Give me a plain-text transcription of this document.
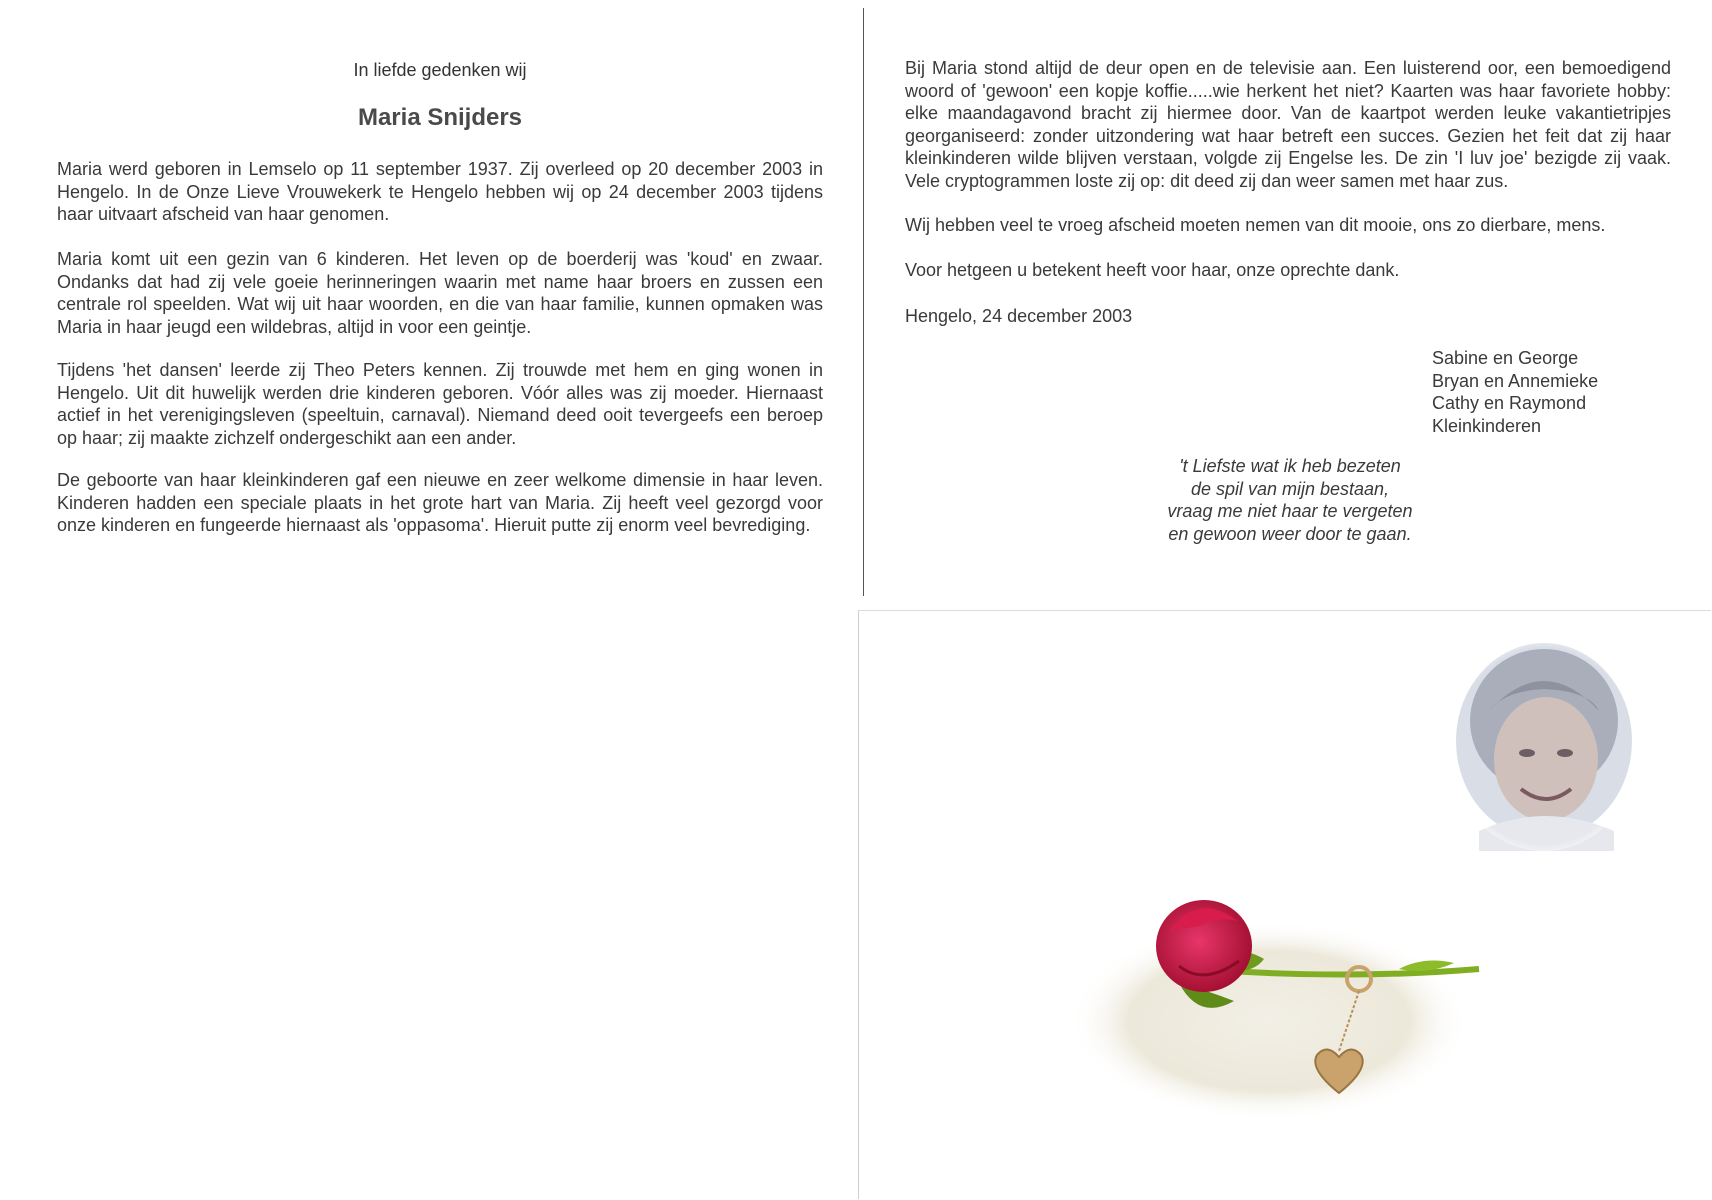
In liefde gedenken wij
Maria Snijders
Maria werd geboren in Lemselo op 11 september 1937. Zij overleed op 20 december 2003 in Hengelo. In de Onze Lieve Vrouwekerk te Hengelo hebben wij op 24 december 2003 tijdens haar uitvaart afscheid van haar genomen.
Maria komt uit een gezin van 6 kinderen. Het leven op de boerderij was 'koud' en zwaar. Ondanks dat had zij vele goeie herinneringen waarin met name haar broers en zussen een centrale rol speelden. Wat wij uit haar woorden, en die van haar familie, kunnen opmaken was Maria in haar jeugd een wildebras, altijd in voor een geintje.
Tijdens 'het dansen' leerde zij Theo Peters kennen. Zij trouwde met hem en ging wonen in Hengelo. Uit dit huwelijk werden drie kinderen geboren. Vóór alles was zij moeder. Hiernaast actief in het verenigingsleven (speeltuin, carnaval). Niemand deed ooit tevergeefs een beroep op haar; zij maakte zichzelf ondergeschikt aan een ander.
De geboorte van haar kleinkinderen gaf een nieuwe en zeer welkome dimensie in haar leven. Kinderen hadden een speciale plaats in het grote hart van Maria. Zij heeft veel gezorgd voor onze kinderen en fungeerde hiernaast als 'oppasoma'. Hieruit putte zij enorm veel bevrediging.
Bij Maria stond altijd de deur open en de televisie aan. Een luisterend oor, een bemoedigend woord of 'gewoon' een kopje koffie.....wie herkent het niet? Kaarten was haar favoriete hobby: elke maandagavond bracht zij hiermee door. Van de kaartpot werden leuke vakantietripjes georganiseerd: zonder uitzondering wat haar betreft een succes. Gezien het feit dat zij haar kleinkinderen wilde blijven verstaan, volgde zij Engelse les. De zin 'I luv joe' bezigde zij vaak. Vele cryptogrammen loste zij op: dit deed zij dan weer samen met haar zus.
Wij hebben veel te vroeg afscheid moeten nemen van dit mooie, ons zo dierbare, mens.
Voor hetgeen u betekent heeft voor haar, onze oprechte dank.
Hengelo, 24 december 2003
Sabine en George
Bryan en Annemieke
Cathy en Raymond
Kleinkinderen
't Liefste wat ik heb bezeten
de spil van mijn bestaan,
vraag me niet haar te vergeten
en gewoon weer door te gaan.
